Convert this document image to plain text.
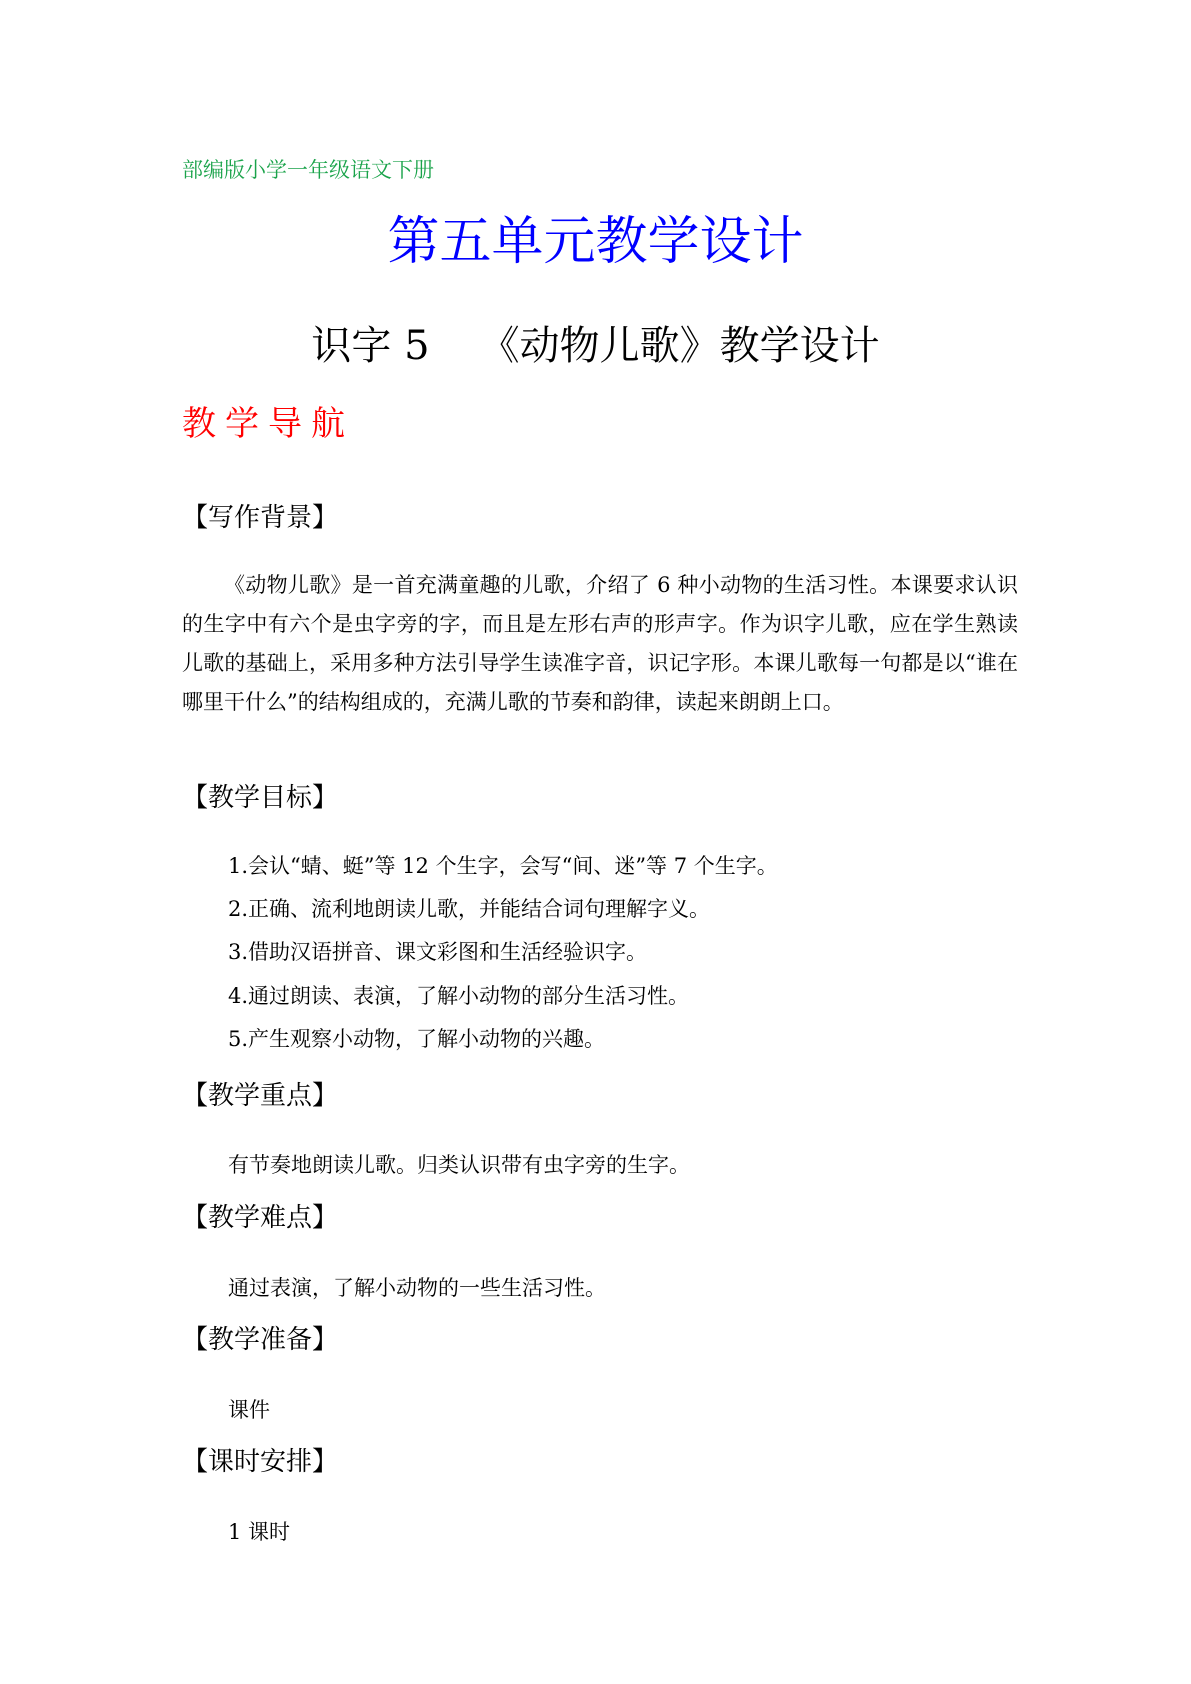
部编版小学一年级语文下册
第五单元教学设计
识字 5 《动物儿歌》教学设计
教学导航
【写作背景】
《动物儿歌》是一首充满童趣的儿歌，介绍了 6 种小动物的生活习性。本课要求认识的生字中有六个是虫字旁的字，而且是左形右声的形声字。作为识字儿歌，应在学生熟读儿歌的基础上，采用多种方法引导学生读准字音，识记字形。本课儿歌每一句都是以“谁在哪里干什么”的结构组成的，充满儿歌的节奏和韵律，读起来朗朗上口。
【教学目标】
1.会认“蜻、蜓”等 12 个生字，会写“间、迷”等 7 个生字。
2.正确、流利地朗读儿歌，并能结合词句理解字义。
3.借助汉语拼音、课文彩图和生活经验识字。
4.通过朗读、表演，了解小动物的部分生活习性。
5.产生观察小动物，了解小动物的兴趣。
【教学重点】
有节奏地朗读儿歌。归类认识带有虫字旁的生字。
【教学难点】
通过表演，了解小动物的一些生活习性。
【教学准备】
课件
【课时安排】
1 课时
